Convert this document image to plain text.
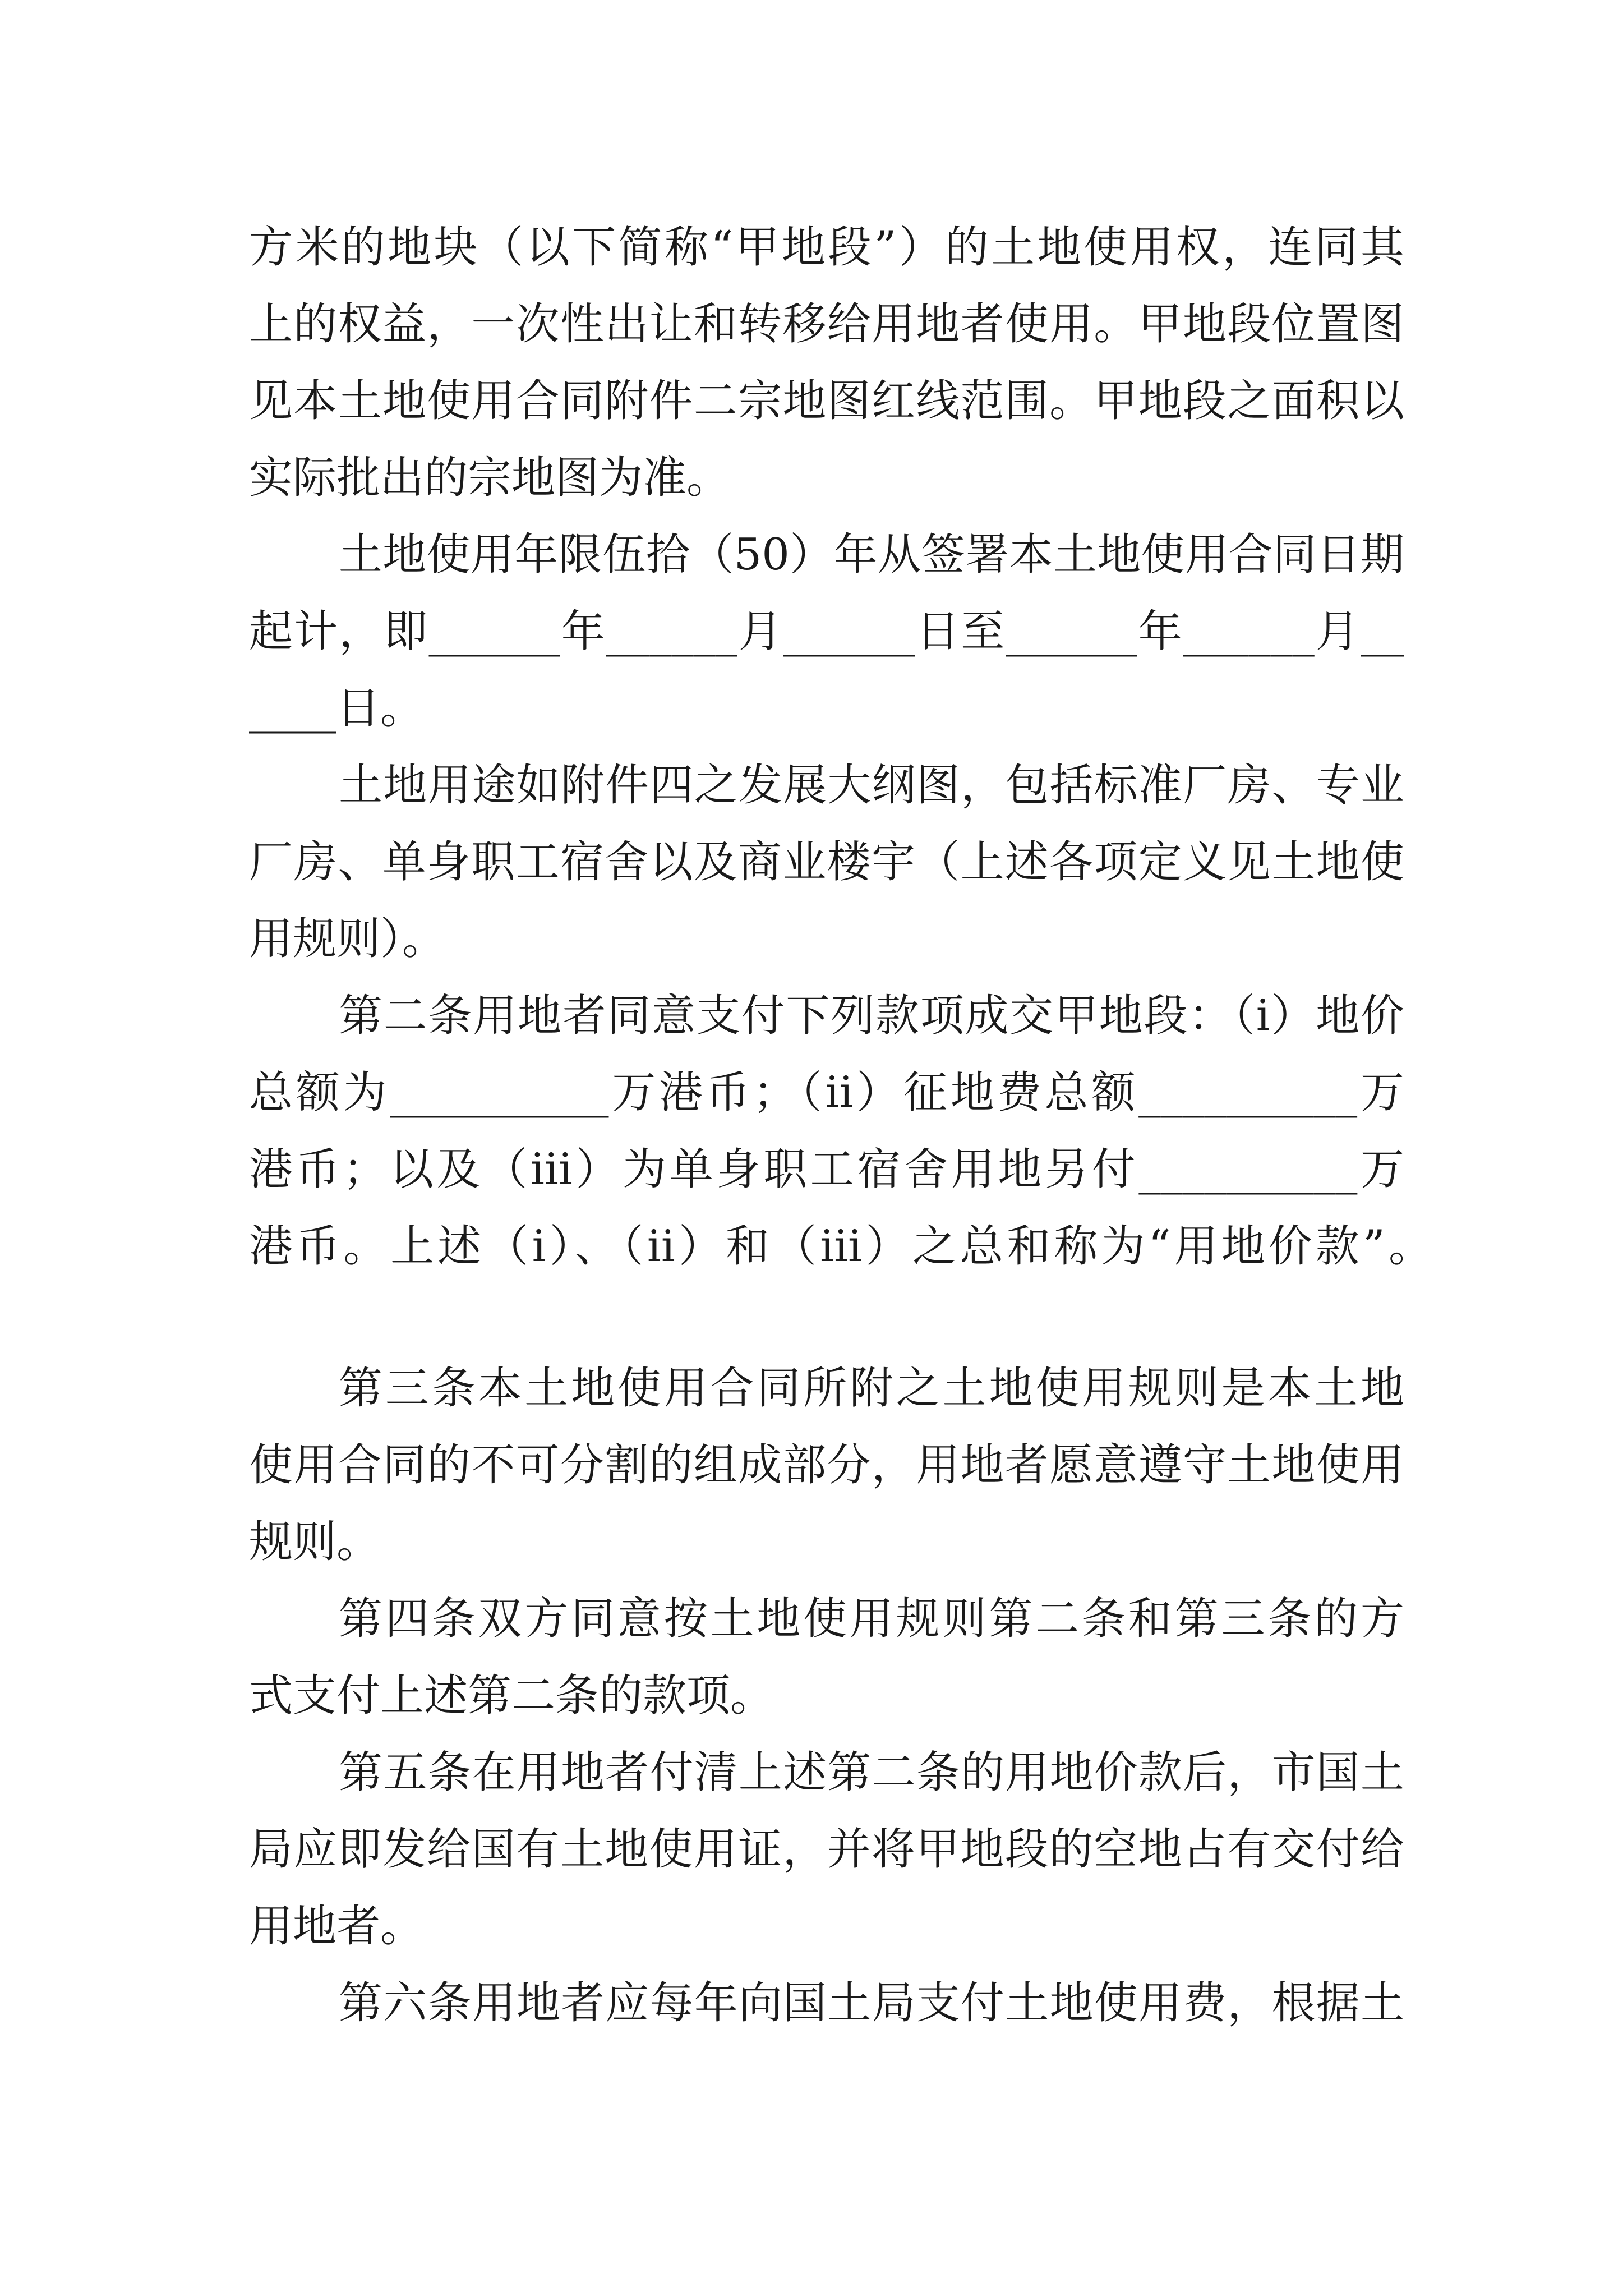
方米的地块（以下简称“甲地段”）的土地使用权，连同其
上的权益，一次性出让和转移给用地者使用。甲地段位置图
见本土地使用合同附件二宗地图红线范围。甲地段之面积以
实际批出的宗地图为准。
土地使用年限伍拾（50）年从签署本土地使用合同日期
起计，即______年______月______日至______年______月__
____日。
土地用途如附件四之发展大纲图，包括标准厂房、专业
厂房、单身职工宿舍以及商业楼宇（上述各项定义见土地使
用规则）。
第二条用地者同意支付下列款项成交甲地段：（i）地价
总额为__________万港币；（ii）征地费总额__________万
港币；以及（iii）为单身职工宿舍用地另付__________万
港币。上述（i）、（ii）和（iii）之总和称为“用地价款”。
第三条本土地使用合同所附之土地使用规则是本土地
使用合同的不可分割的组成部分，用地者愿意遵守土地使用
规则。
第四条双方同意按土地使用规则第二条和第三条的方
式支付上述第二条的款项。
第五条在用地者付清上述第二条的用地价款后，市国土
局应即发给国有土地使用证，并将甲地段的空地占有交付给
用地者。
第六条用地者应每年向国土局支付土地使用费，根据土
